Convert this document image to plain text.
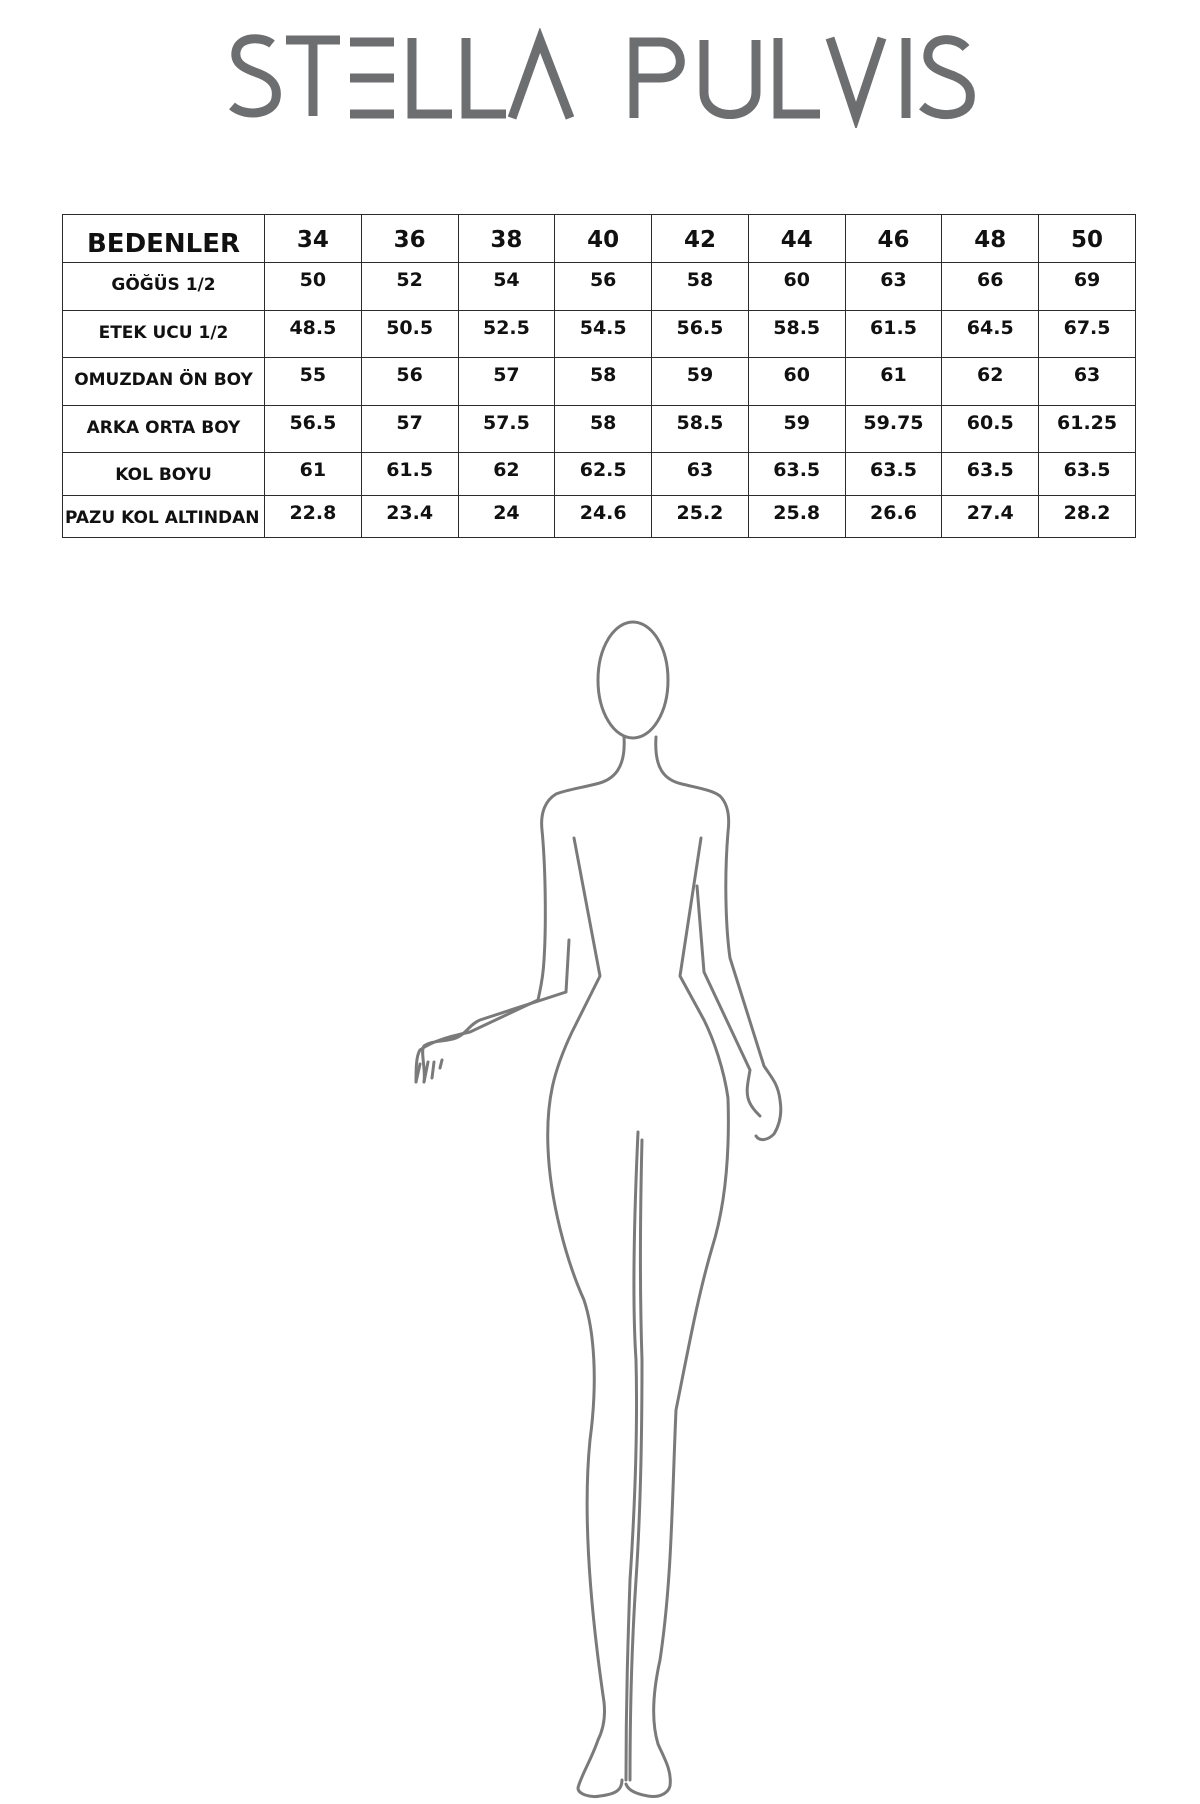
BEDENLER	34	36	38	40	42	44	46	48	50
GÖĞÜS 1/2	50	52	54	56	58	60	63	66	69
ETEK UCU 1/2	48.5	50.5	52.5	54.5	56.5	58.5	61.5	64.5	67.5
OMUZDAN ÖN BOY	55	56	57	58	59	60	61	62	63
ARKA ORTA BOY	56.5	57	57.5	58	58.5	59	59.75	60.5	61.25
KOL BOYU	61	61.5	62	62.5	63	63.5	63.5	63.5	63.5
PAZU KOL ALTINDAN	22.8	23.4	24	24.6	25.2	25.8	26.6	27.4	28.2
